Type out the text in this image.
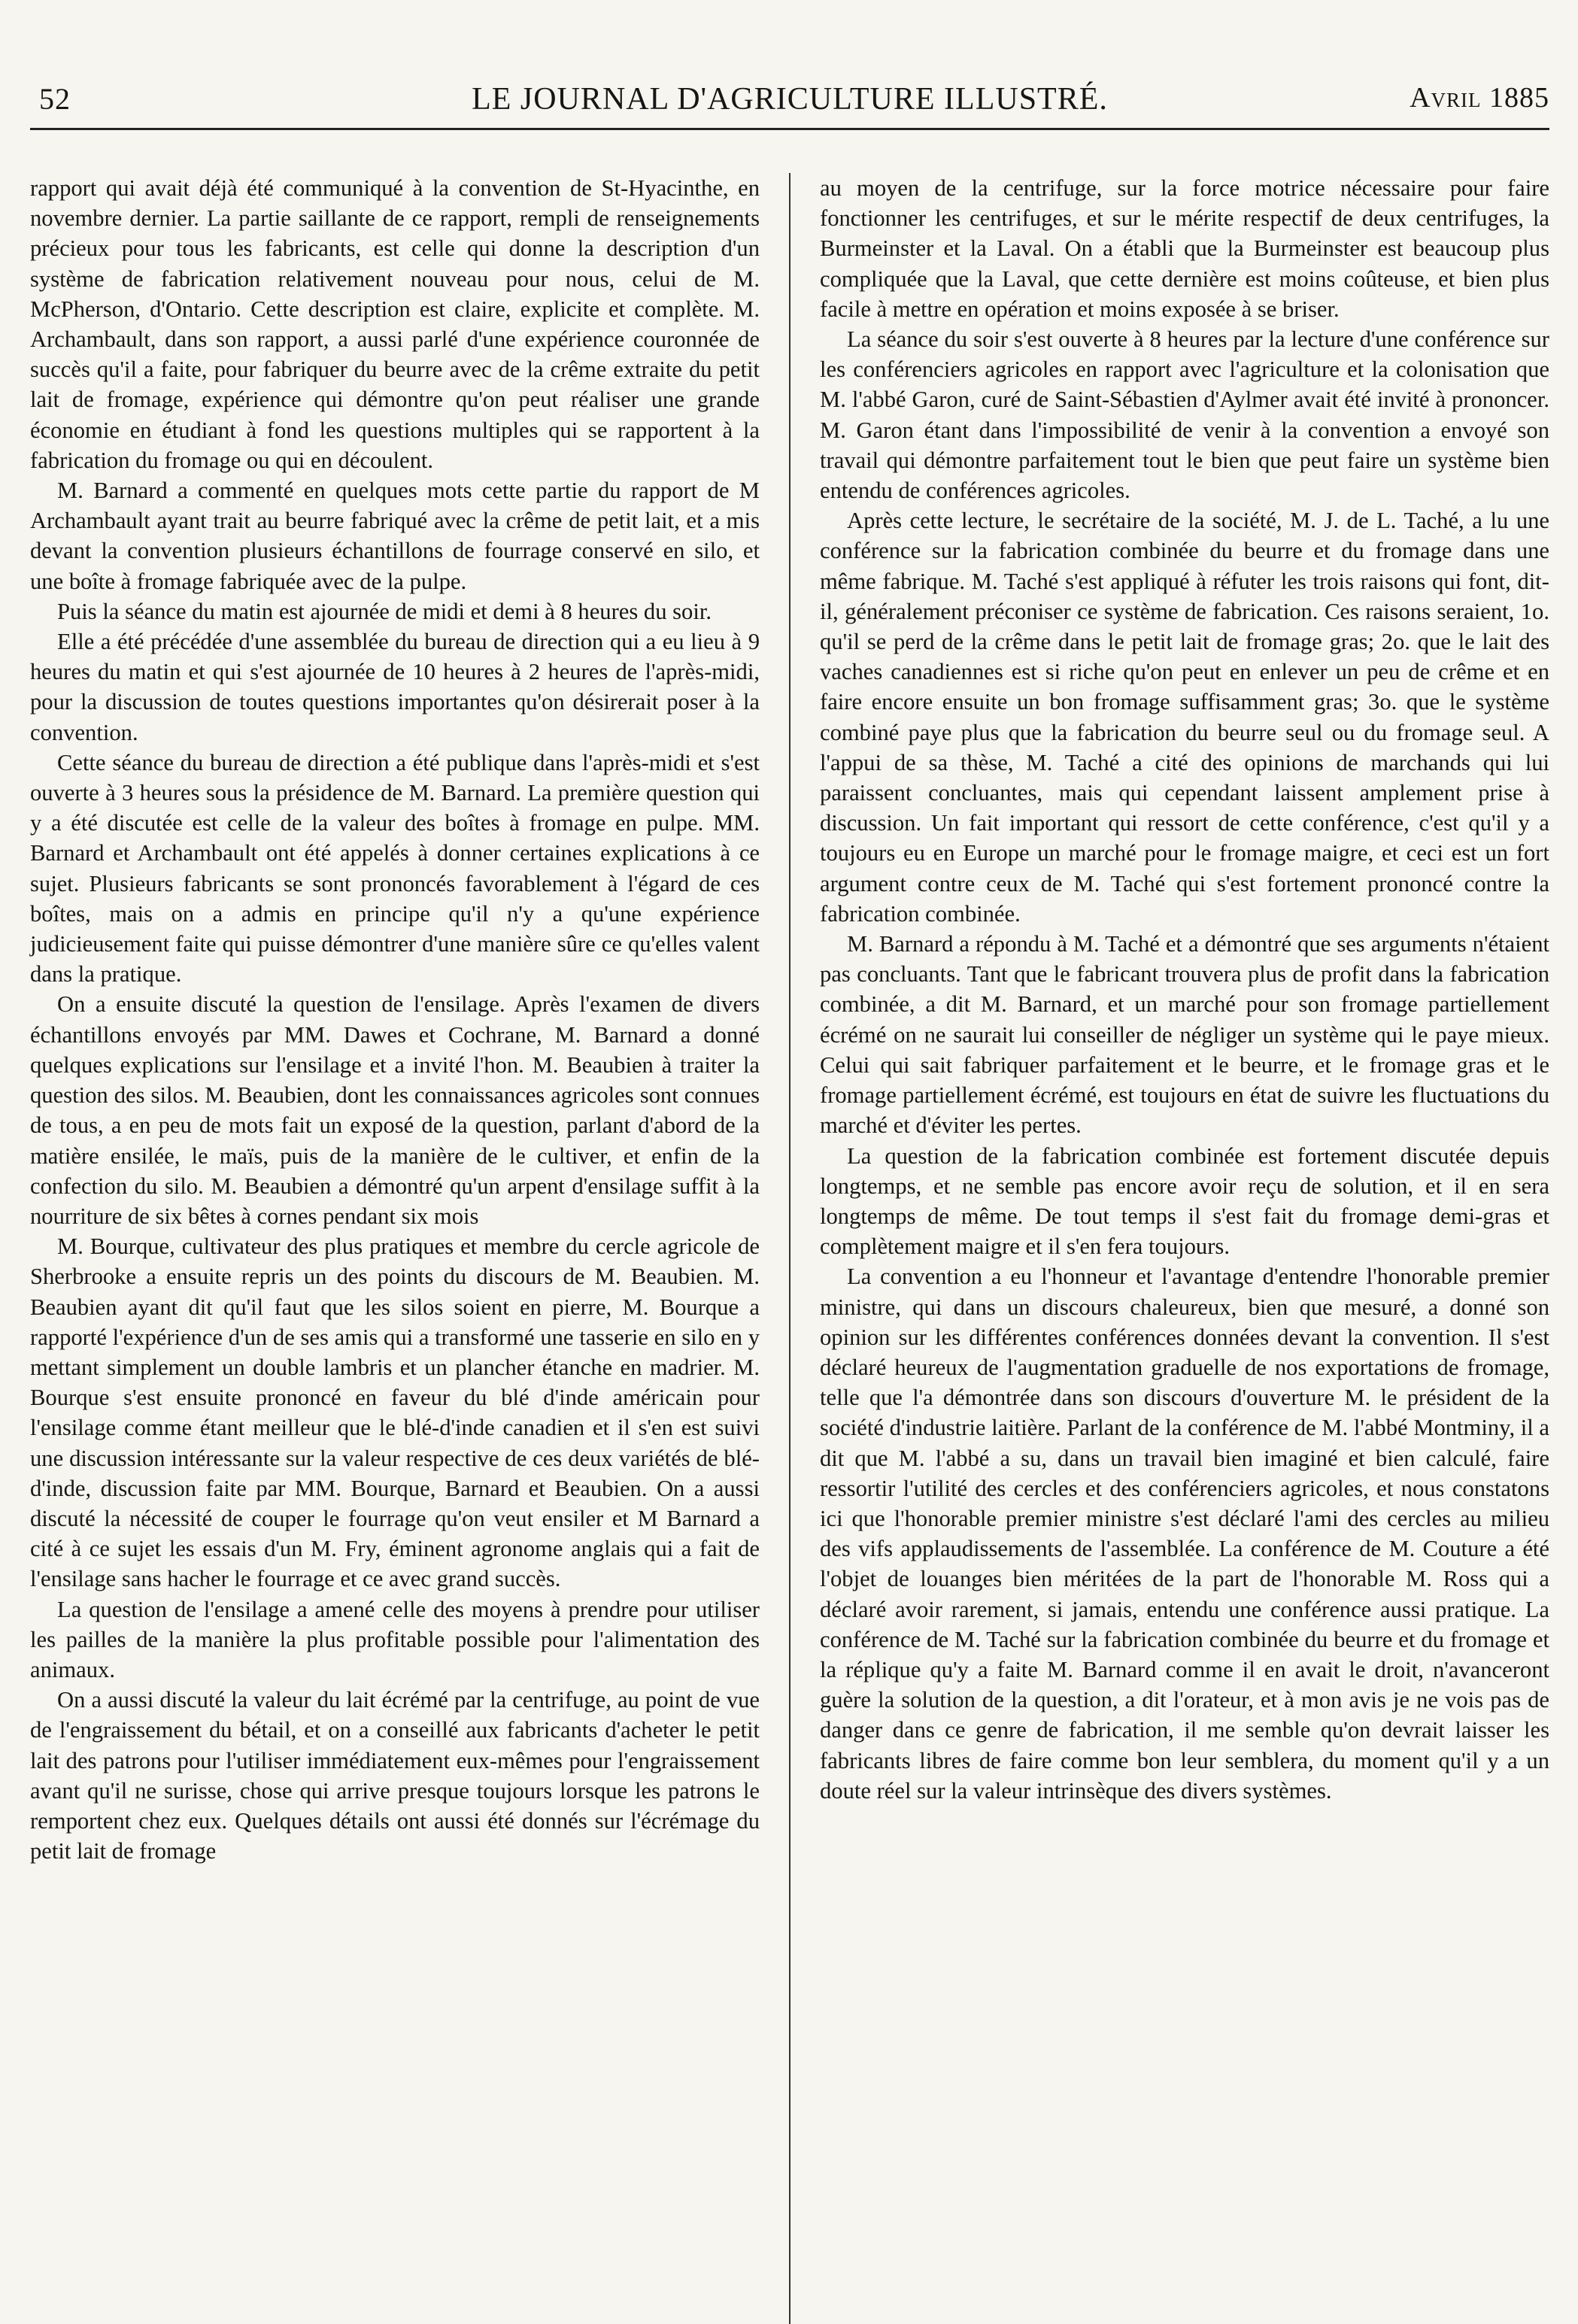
52	LE JOURNAL D'AGRICULTURE ILLUSTRÉ.	Avril 1885

rapport qui avait déjà été communiqué à la convention de St-Hyacinthe, en novembre dernier. La partie saillante de ce rapport, rempli de renseignements précieux pour tous les fabricants, est celle qui donne la description d'un système de fabrication relativement nouveau pour nous, celui de M. McPherson, d'Ontario. Cette description est claire, explicite et complète. M. Archambault, dans son rapport, a aussi parlé d'une expérience couronnée de succès qu'il a faite, pour fabriquer du beurre avec de la crême extraite du petit lait de fromage, expérience qui démontre qu'on peut réaliser une grande économie en étudiant à fond les questions multiples qui se rapportent à la fabrication du fromage ou qui en découlent.

M. Barnard a commenté en quelques mots cette partie du rapport de M Archambault ayant trait au beurre fabriqué avec la crême de petit lait, et a mis devant la convention plusieurs échantillons de fourrage conservé en silo, et une boîte à fromage fabriquée avec de la pulpe.

Puis la séance du matin est ajournée de midi et demi à 8 heures du soir.

Elle a été précédée d'une assemblée du bureau de direction qui a eu lieu à 9 heures du matin et qui s'est ajournée de 10 heures à 2 heures de l'après-midi, pour la discussion de toutes questions importantes qu'on désirerait poser à la convention.

Cette séance du bureau de direction a été publique dans l'après-midi et s'est ouverte à 3 heures sous la présidence de M. Barnard. La première question qui y a été discutée est celle de la valeur des boîtes à fromage en pulpe. MM. Barnard et Archambault ont été appelés à donner certaines explications à ce sujet. Plusieurs fabricants se sont prononcés favorablement à l'égard de ces boîtes, mais on a admis en principe qu'il n'y a qu'une expérience judicieusement faite qui puisse démontrer d'une manière sûre ce qu'elles valent dans la pratique.

On a ensuite discuté la question de l'ensilage. Après l'examen de divers échantillons envoyés par MM. Dawes et Cochrane, M. Barnard a donné quelques explications sur l'ensilage et a invité l'hon. M. Beaubien à traiter la question des silos. M. Beaubien, dont les connaissances agricoles sont connues de tous, a en peu de mots fait un exposé de la question, parlant d'abord de la matière ensilée, le maïs, puis de la manière de le cultiver, et enfin de la confection du silo. M. Beaubien a démontré qu'un arpent d'ensilage suffit à la nourriture de six bêtes à cornes pendant six mois

M. Bourque, cultivateur des plus pratiques et membre du cercle agricole de Sherbrooke a ensuite repris un des points du discours de M. Beaubien. M. Beaubien ayant dit qu'il faut que les silos soient en pierre, M. Bourque a rapporté l'expérience d'un de ses amis qui a transformé une tasserie en silo en y mettant simplement un double lambris et un plancher étanche en madrier. M. Bourque s'est ensuite prononcé en faveur du blé d'inde américain pour l'ensilage comme étant meilleur que le blé-d'inde canadien et il s'en est suivi une discussion intéressante sur la valeur respective de ces deux variétés de blé-d'inde, discussion faite par MM. Bourque, Barnard et Beaubien. On a aussi discuté la nécessité de couper le fourrage qu'on veut ensiler et M Barnard a cité à ce sujet les essais d'un M. Fry, éminent agronome anglais qui a fait de l'ensilage sans hacher le fourrage et ce avec grand succès.

La question de l'ensilage a amené celle des moyens à prendre pour utiliser les pailles de la manière la plus profitable possible pour l'alimentation des animaux.

On a aussi discuté la valeur du lait écrémé par la centrifuge, au point de vue de l'engraissement du bétail, et on a conseillé aux fabricants d'acheter le petit lait des patrons pour l'utiliser immédiatement eux-mêmes pour l'engraissement avant qu'il ne surisse, chose qui arrive presque toujours lorsque les patrons le remportent chez eux. Quelques détails ont aussi été donnés sur l'écrémage du petit lait de fromage

au moyen de la centrifuge, sur la force motrice nécessaire pour faire fonctionner les centrifuges, et sur le mérite respectif de deux centrifuges, la Burmeinster et la Laval. On a établi que la Burmeinster est beaucoup plus compliquée que la Laval, que cette dernière est moins coûteuse, et bien plus facile à mettre en opération et moins exposée à se briser.

La séance du soir s'est ouverte à 8 heures par la lecture d'une conférence sur les conférenciers agricoles en rapport avec l'agriculture et la colonisation que M. l'abbé Garon, curé de Saint-Sébastien d'Aylmer avait été invité à prononcer. M. Garon étant dans l'impossibilité de venir à la convention a envoyé son travail qui démontre parfaitement tout le bien que peut faire un système bien entendu de conférences agricoles.

Après cette lecture, le secrétaire de la société, M. J. de L. Taché, a lu une conférence sur la fabrication combinée du beurre et du fromage dans une même fabrique. M. Taché s'est appliqué à réfuter les trois raisons qui font, dit-il, généralement préconiser ce système de fabrication. Ces raisons seraient, 1o. qu'il se perd de la crême dans le petit lait de fromage gras; 2o. que le lait des vaches canadiennes est si riche qu'on peut en enlever un peu de crême et en faire encore ensuite un bon fromage suffisamment gras; 3o. que le système combiné paye plus que la fabrication du beurre seul ou du fromage seul. A l'appui de sa thèse, M. Taché a cité des opinions de marchands qui lui paraissent concluantes, mais qui cependant laissent amplement prise à discussion. Un fait important qui ressort de cette conférence, c'est qu'il y a toujours eu en Europe un marché pour le fromage maigre, et ceci est un fort argument contre ceux de M. Taché qui s'est fortement prononcé contre la fabrication combinée.

M. Barnard a répondu à M. Taché et a démontré que ses arguments n'étaient pas concluants. Tant que le fabricant trouvera plus de profit dans la fabrication combinée, a dit M. Barnard, et un marché pour son fromage partiellement écrémé on ne saurait lui conseiller de négliger un système qui le paye mieux. Celui qui sait fabriquer parfaitement et le beurre, et le fromage gras et le fromage partiellement écrémé, est toujours en état de suivre les fluctuations du marché et d'éviter les pertes.

La question de la fabrication combinée est fortement discutée depuis longtemps, et ne semble pas encore avoir reçu de solution, et il en sera longtemps de même. De tout temps il s'est fait du fromage demi-gras et complètement maigre et il s'en fera toujours.

La convention a eu l'honneur et l'avantage d'entendre l'honorable premier ministre, qui dans un discours chaleureux, bien que mesuré, a donné son opinion sur les différentes conférences données devant la convention. Il s'est déclaré heureux de l'augmentation graduelle de nos exportations de fromage, telle que l'a démontrée dans son discours d'ouverture M. le président de la société d'industrie laitière. Parlant de la conférence de M. l'abbé Montminy, il a dit que M. l'abbé a su, dans un travail bien imaginé et bien calculé, faire ressortir l'utilité des cercles et des conférenciers agricoles, et nous constatons ici que l'honorable premier ministre s'est déclaré l'ami des cercles au milieu des vifs applaudissements de l'assemblée. La conférence de M. Couture a été l'objet de louanges bien méritées de la part de l'honorable M. Ross qui a déclaré avoir rarement, si jamais, entendu une conférence aussi pratique. La conférence de M. Taché sur la fabrication combinée du beurre et du fromage et la réplique qu'y a faite M. Barnard comme il en avait le droit, n'avanceront guère la solution de la question, a dit l'orateur, et à mon avis je ne vois pas de danger dans ce genre de fabrication, il me semble qu'on devrait laisser les fabricants libres de faire comme bon leur semblera, du moment qu'il y a un doute réel sur la valeur intrinsèque des divers systèmes.
